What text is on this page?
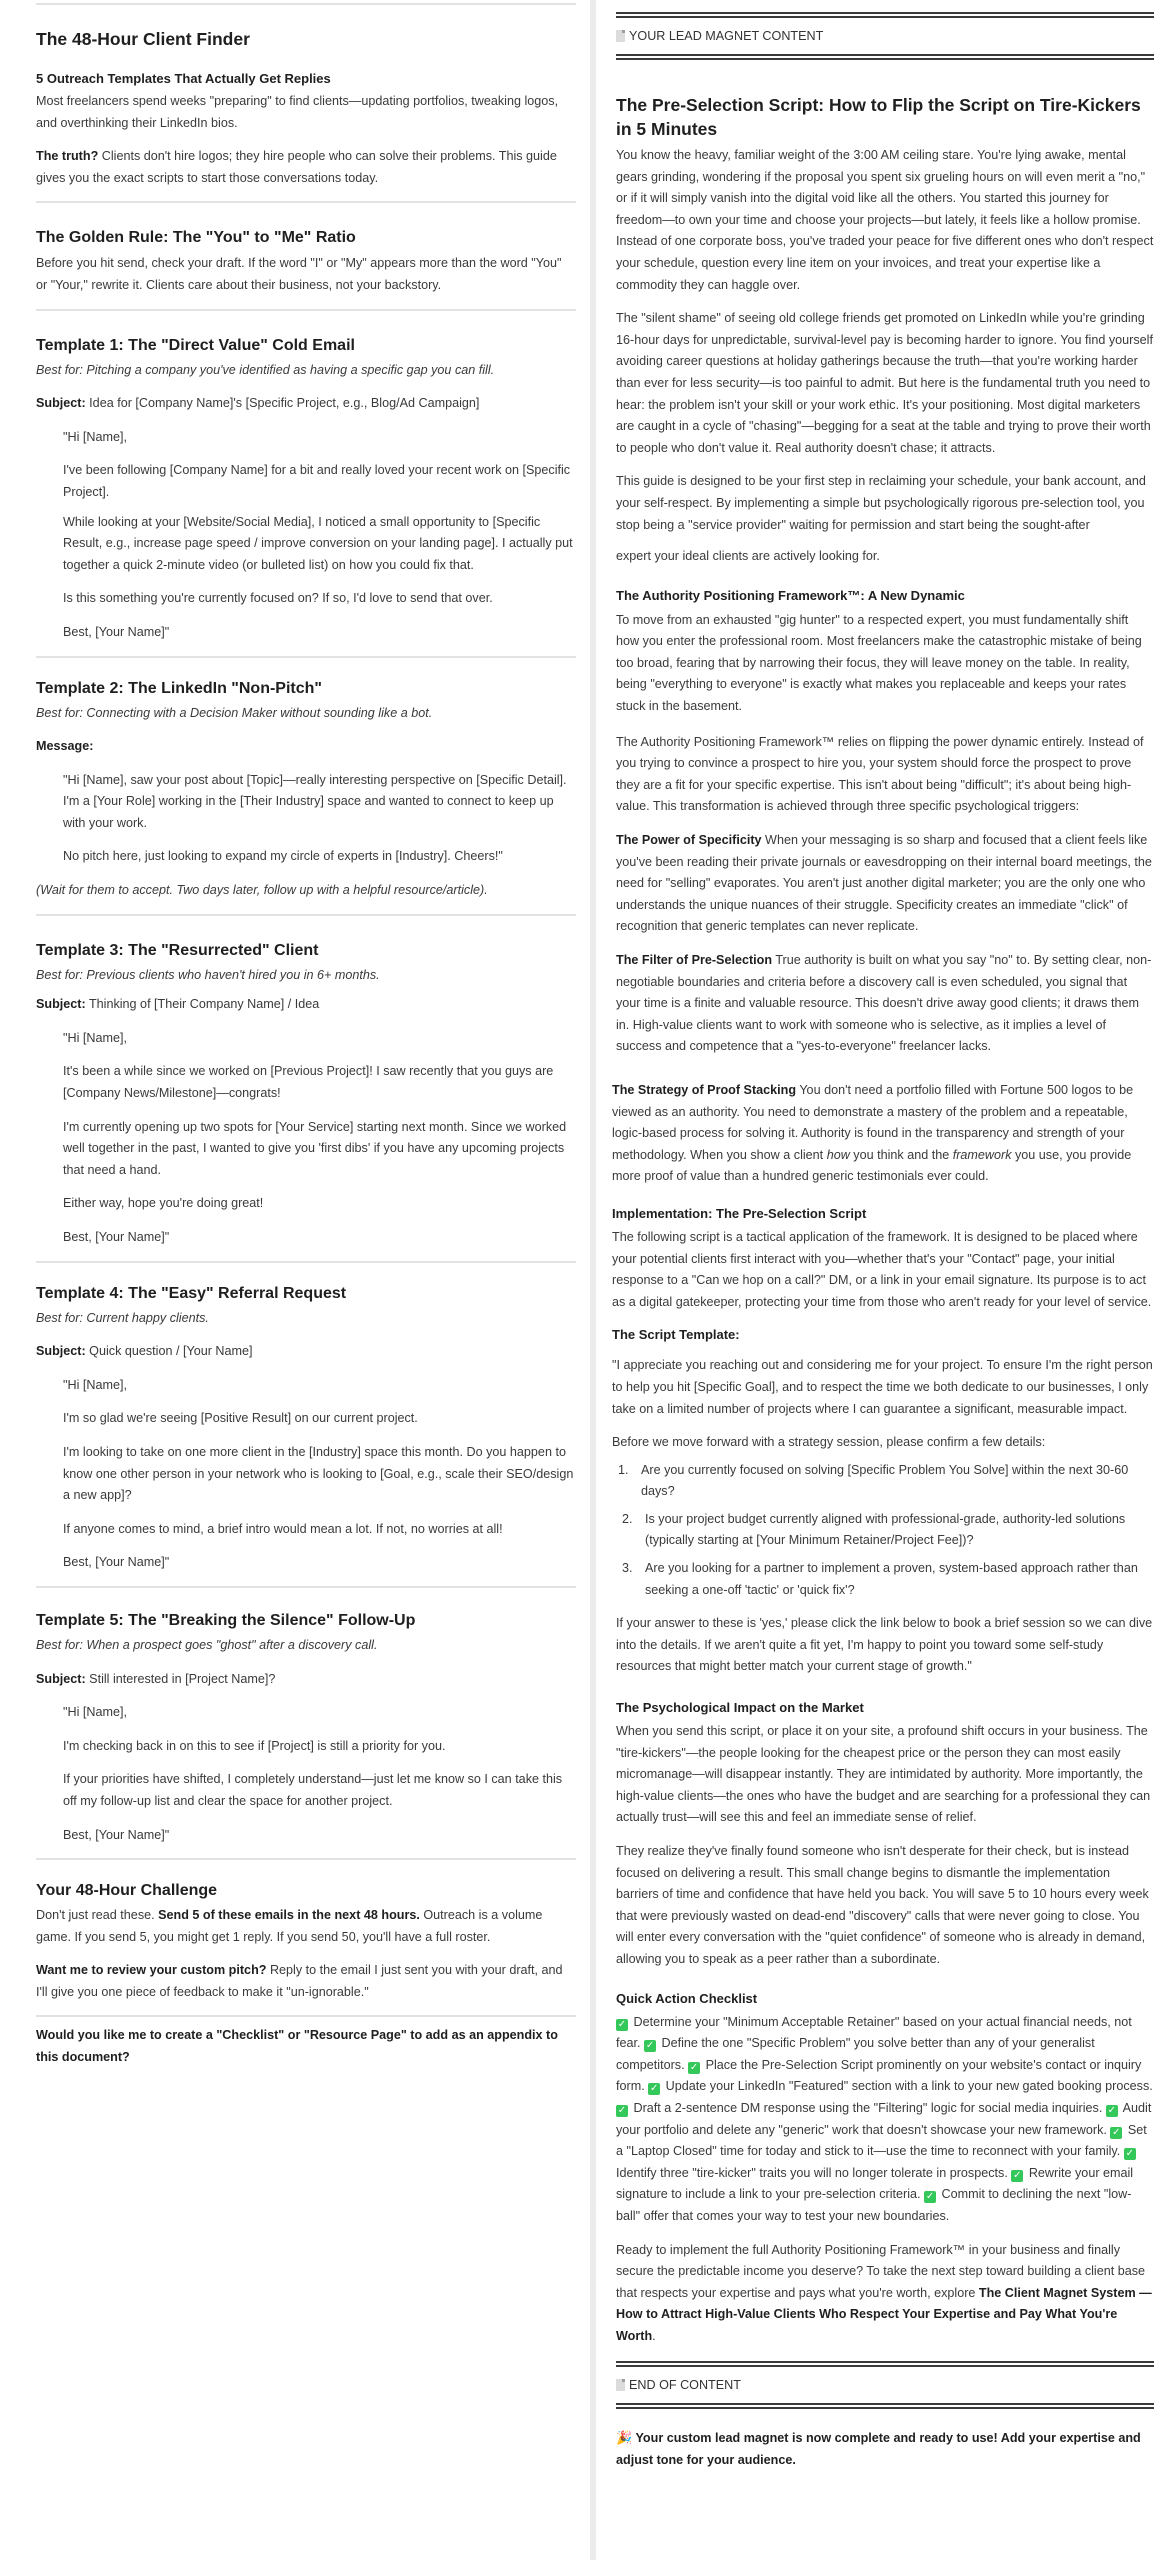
The 48-Hour Client Finder
5 Outreach Templates That Actually Get Replies

Most freelancers spend weeks "preparing" to find clients—updating portfolios, tweaking logos, and overthinking their LinkedIn bios.

The truth? Clients don't hire logos; they hire people who can solve their problems. This guide gives you the exact scripts to start those conversations today.

The Golden Rule: The "You" to "Me" Ratio

Before you hit send, check your draft. If the word "I" or "My" appears more than the word "You" or "Your," rewrite it. Clients care about their business, not your backstory.

Template 1: The "Direct Value" Cold Email

Best for: Pitching a company you've identified as having a specific gap you can fill.

Subject: Idea for [Company Name]'s [Specific Project, e.g., Blog/Ad Campaign]

"Hi [Name],

I've been following [Company Name] for a bit and really loved your recent work on [Specific Project].

While looking at your [Website/Social Media], I noticed a small opportunity to [Specific Result, e.g., increase page speed / improve conversion on your landing page]. I actually put together a quick 2-minute video (or bulleted list) on how you could fix that.

Is this something you're currently focused on? If so, I'd love to send that over.

Best, [Your Name]"

Template 2: The LinkedIn "Non-Pitch"

Best for: Connecting with a Decision Maker without sounding like a bot.

Message:

"Hi [Name], saw your post about [Topic]—really interesting perspective on [Specific Detail]. I'm a [Your Role] working in the [Their Industry] space and wanted to connect to keep up with your work.

No pitch here, just looking to expand my circle of experts in [Industry]. Cheers!"

(Wait for them to accept. Two days later, follow up with a helpful resource/article).

Template 3: The "Resurrected" Client

Best for: Previous clients who haven't hired you in 6+ months.

Subject: Thinking of [Their Company Name] / Idea

"Hi [Name],

It's been a while since we worked on [Previous Project]! I saw recently that you guys are [Company News/Milestone]—congrats!

I'm currently opening up two spots for [Your Service] starting next month. Since we worked well together in the past, I wanted to give you 'first dibs' if you have any upcoming projects that need a hand.

Either way, hope you're doing great!

Best, [Your Name]"

Template 4: The "Easy" Referral Request

Best for: Current happy clients.

Subject: Quick question / [Your Name]

"Hi [Name],

I'm so glad we're seeing [Positive Result] on our current project.

I'm looking to take on one more client in the [Industry] space this month. Do you happen to know one other person in your network who is looking to [Goal, e.g., scale their SEO/design a new app]?

If anyone comes to mind, a brief intro would mean a lot. If not, no worries at all!

Best, [Your Name]"

Template 5: The "Breaking the Silence" Follow-Up

Best for: When a prospect goes "ghost" after a discovery call.

Subject: Still interested in [Project Name]?

"Hi [Name],

I'm checking back in on this to see if [Project] is still a priority for you.

If your priorities have shifted, I completely understand—just let me know so I can take this off my follow-up list and clear the space for another project.

Best, [Your Name]"

Your 48-Hour Challenge

Don't just read these. Send 5 of these emails in the next 48 hours. Outreach is a volume game. If you send 5, you might get 1 reply. If you send 50, you'll have a full roster.

Want me to review your custom pitch? Reply to the email I just sent you with your draft, and I'll give you one piece of feedback to make it "un-ignorable."

Would you like me to create a "Checklist" or "Resource Page" to add as an appendix to this document?

YOUR LEAD MAGNET CONTENT
The Pre-Selection Script: How to Flip the Script on Tire-Kickers in 5 Minutes

You know the heavy, familiar weight of the 3:00 AM ceiling stare. You're lying awake, mental gears grinding, wondering if the proposal you spent six grueling hours on will even merit a "no," or if it will simply vanish into the digital void like all the others. You started this journey for freedom—to own your time and choose your projects—but lately, it feels like a hollow promise. Instead of one corporate boss, you've traded your peace for five different ones who don't respect your schedule, question every line item on your invoices, and treat your expertise like a commodity they can haggle over.

The "silent shame" of seeing old college friends get promoted on LinkedIn while you're grinding 16-hour days for unpredictable, survival-level pay is becoming harder to ignore. You find yourself avoiding career questions at holiday gatherings because the truth—that you're working harder than ever for less security—is too painful to admit. But here is the fundamental truth you need to hear: the problem isn't your skill or your work ethic. It's your positioning. Most digital marketers are caught in a cycle of "chasing"—begging for a seat at the table and trying to prove their worth to people who don't value it. Real authority doesn't chase; it attracts.

This guide is designed to be your first step in reclaiming your schedule, your bank account, and your self-respect. By implementing a simple but psychologically rigorous pre-selection tool, you stop being a "service provider" waiting for permission and start being the sought-after

expert your ideal clients are actively looking for.

The Authority Positioning Framework™: A New Dynamic

To move from an exhausted "gig hunter" to a respected expert, you must fundamentally shift how you enter the professional room. Most freelancers make the catastrophic mistake of being too broad, fearing that by narrowing their focus, they will leave money on the table. In reality, being "everything to everyone" is exactly what makes you replaceable and keeps your rates stuck in the basement.

The Authority Positioning Framework™ relies on flipping the power dynamic entirely. Instead of you trying to convince a prospect to hire you, your system should force the prospect to prove they are a fit for your specific expertise. This isn't about being "difficult"; it's about being high-value. This transformation is achieved through three specific psychological triggers:

The Power of Specificity When your messaging is so sharp and focused that a client feels like you've been reading their private journals or eavesdropping on their internal board meetings, the need for "selling" evaporates. You aren't just another digital marketer; you are the only one who understands the unique nuances of their struggle. Specificity creates an immediate "click" of recognition that generic templates can never replicate.

The Filter of Pre-Selection True authority is built on what you say "no" to. By setting clear, non-negotiable boundaries and criteria before a discovery call is even scheduled, you signal that your time is a finite and valuable resource. This doesn't drive away good clients; it draws them in. High-value clients want to work with someone who is selective, as it implies a level of success and competence that a "yes-to-everyone" freelancer lacks.

The Strategy of Proof Stacking You don't need a portfolio filled with Fortune 500 logos to be viewed as an authority. You need to demonstrate a mastery of the problem and a repeatable, logic-based process for solving it. Authority is found in the transparency and strength of your methodology. When you show a client how you think and the framework you use, you provide more proof of value than a hundred generic testimonials ever could.

Implementation: The Pre-Selection Script

The following script is a tactical application of the framework. It is designed to be placed where your potential clients first interact with you—whether that's your "Contact" page, your initial response to a "Can we hop on a call?" DM, or a link in your email signature. Its purpose is to act as a digital gatekeeper, protecting your time from those who aren't ready for your level of service.

The Script Template:

"I appreciate you reaching out and considering me for your project. To ensure I'm the right person to help you hit [Specific Goal], and to respect the time we both dedicate to our businesses, I only take on a limited number of projects where I can guarantee a significant, measurable impact.

Before we move forward with a strategy session, please confirm a few details:

1. Are you currently focused on solving [Specific Problem You Solve] within the next 30-60 days?
2. Is your project budget currently aligned with professional-grade, authority-led solutions (typically starting at [Your Minimum Retainer/Project Fee])?
3. Are you looking for a partner to implement a proven, system-based approach rather than seeking a one-off 'tactic' or 'quick fix'?

If your answer to these is 'yes,' please click the link below to book a brief session so we can dive into the details. If we aren't quite a fit yet, I'm happy to point you toward some self-study resources that might better match your current stage of growth."

The Psychological Impact on the Market

When you send this script, or place it on your site, a profound shift occurs in your business. The "tire-kickers"—the people looking for the cheapest price or the person they can most easily micromanage—will disappear instantly. They are intimidated by authority. More importantly, the high-value clients—the ones who have the budget and are searching for a professional they can actually trust—will see this and feel an immediate sense of relief.

They realize they've finally found someone who isn't desperate for their check, but is instead focused on delivering a result. This small change begins to dismantle the implementation barriers of time and confidence that have held you back. You will save 5 to 10 hours every week that were previously wasted on dead-end "discovery" calls that were never going to close. You will enter every conversation with the "quiet confidence" of someone who is already in demand, allowing you to speak as a peer rather than a subordinate.

Quick Action Checklist

✓ Determine your "Minimum Acceptable Retainer" based on your actual financial needs, not fear. ✓ Define the one "Specific Problem" you solve better than any of your generalist competitors. ✓ Place the Pre-Selection Script prominently on your website's contact or inquiry form. ✓ Update your LinkedIn "Featured" section with a link to your new gated booking process. ✓ Draft a 2-sentence DM response using the "Filtering" logic for social media inquiries. ✓ Audit your portfolio and delete any "generic" work that doesn't showcase your new framework. ✓ Set a "Laptop Closed" time for today and stick to it—use the time to reconnect with your family. ✓ Identify three "tire-kicker" traits you will no longer tolerate in prospects. ✓ Rewrite your email signature to include a link to your pre-selection criteria. ✓ Commit to declining the next "low-ball" offer that comes your way to test your new boundaries.

Ready to implement the full Authority Positioning Framework™ in your business and finally secure the predictable income you deserve? To take the next step toward building a client base that respects your expertise and pays what you're worth, explore The Client Magnet System — How to Attract High-Value Clients Who Respect Your Expertise and Pay What You're Worth.

END OF CONTENT

🎉 Your custom lead magnet is now complete and ready to use! Add your expertise and adjust tone for your audience.
